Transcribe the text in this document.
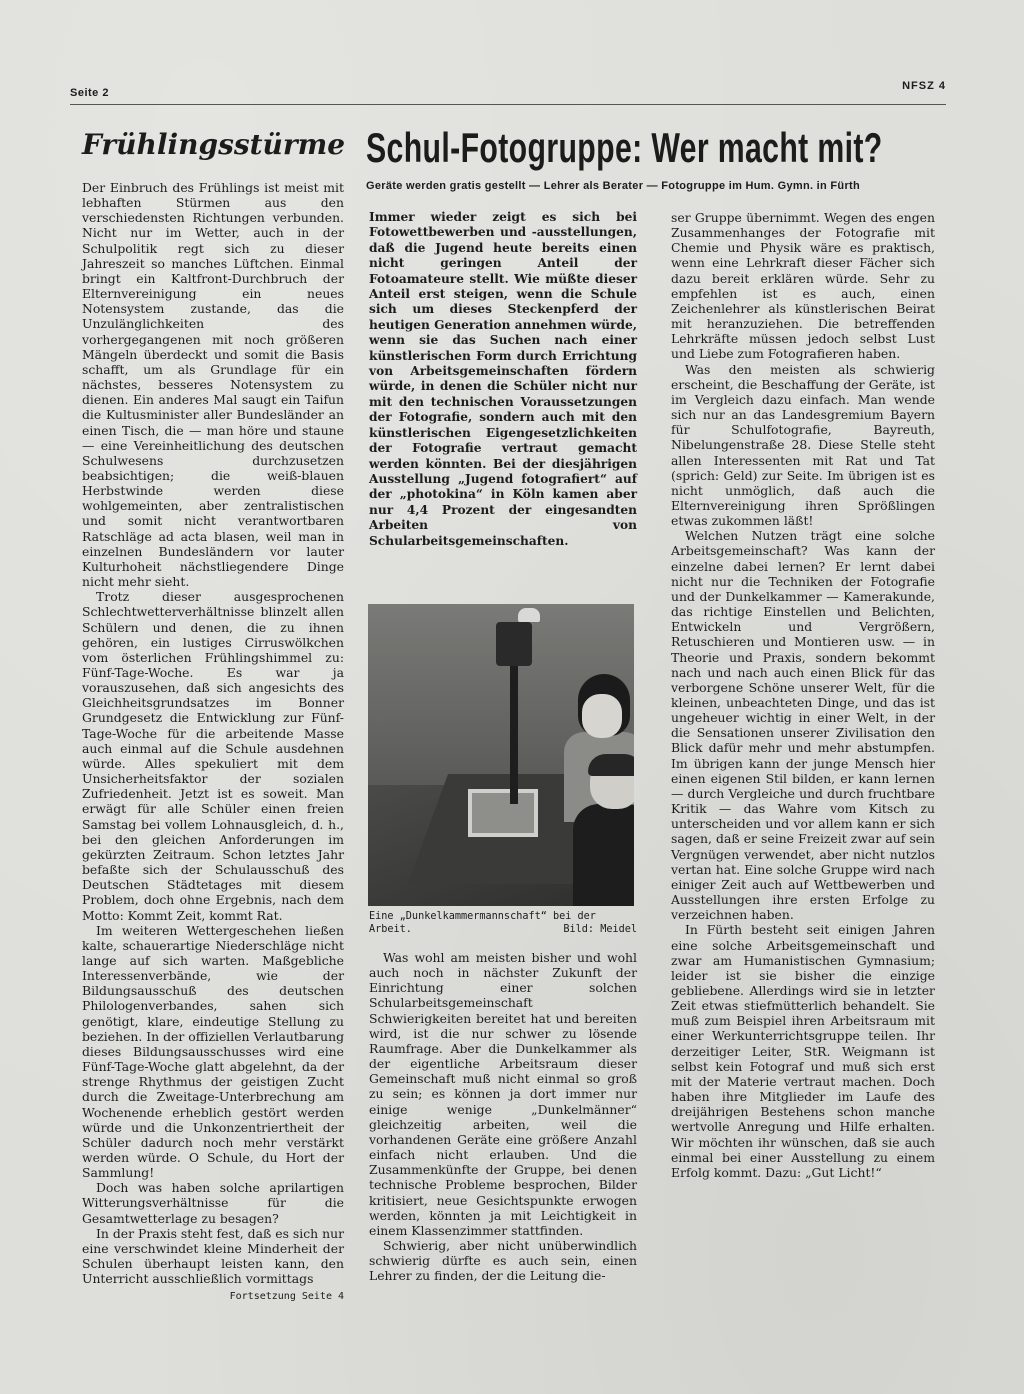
Seite 2
NFSZ 4
Frühlingsstürme

Der Einbruch des Frühlings ist meist mit lebhaften Stürmen aus den verschiedensten Richtungen verbunden. Nicht nur im Wetter, auch in der Schulpolitik regt sich zu dieser Jahreszeit so manches Lüftchen. Einmal bringt ein Kaltfront-Durchbruch der Elternvereinigung ein neues Notensystem zustande, das die Unzulänglichkeiten des vorhergegangenen mit noch größeren Mängeln überdeckt und somit die Basis schafft, um als Grundlage für ein nächstes, besseres Notensystem zu dienen. Ein anderes Mal saugt ein Taifun die Kultusminister aller Bundesländer an einen Tisch, die — man höre und staune — eine Vereinheitlichung des deutschen Schulwesens durchzusetzen beabsichtigen; die weiß-blauen Herbstwinde werden diese wohlgemeinten, aber zentralistischen und somit nicht verantwortbaren Ratschläge ad acta blasen, weil man in einzelnen Bundesländern vor lauter Kulturhoheit nächstliegendere Dinge nicht mehr sieht.

Trotz dieser ausgesprochenen Schlechtwetterverhältnisse blinzelt allen Schülern und denen, die zu ihnen gehören, ein lustiges Cirruswölkchen vom österlichen Frühlingshimmel zu: Fünf-Tage-Woche. Es war ja vorauszusehen, daß sich angesichts des Gleichheitsgrundsatzes im Bonner Grundgesetz die Entwicklung zur Fünf-Tage-Woche für die arbeitende Masse auch einmal auf die Schule ausdehnen würde. Alles spekuliert mit dem Unsicherheitsfaktor der sozialen Zufriedenheit. Jetzt ist es soweit. Man erwägt für alle Schüler einen freien Samstag bei vollem Lohnausgleich, d. h., bei den gleichen Anforderungen im gekürzten Zeitraum. Schon letztes Jahr befaßte sich der Schulausschuß des Deutschen Städtetages mit diesem Problem, doch ohne Ergebnis, nach dem Motto: Kommt Zeit, kommt Rat.

Im weiteren Wettergeschehen ließen kalte, schauerartige Niederschläge nicht lange auf sich warten. Maßgebliche Interessenverbände, wie der Bildungsausschuß des deutschen Philologenverbandes, sahen sich genötigt, klare, eindeutige Stellung zu beziehen. In der offiziellen Verlautbarung dieses Bildungsausschusses wird eine Fünf-Tage-Woche glatt abgelehnt, da der strenge Rhythmus der geistigen Zucht durch die Zweitage-Unterbrechung am Wochenende erheblich gestört werden würde und die Unkonzentriertheit der Schüler dadurch noch mehr verstärkt werden würde. O Schule, du Hort der Sammlung!

Doch was haben solche aprilartigen Witterungsverhältnisse für die Gesamtwetterlage zu besagen?

In der Praxis steht fest, daß es sich nur eine verschwindet kleine Minderheit der Schulen überhaupt leisten kann, den Unterricht ausschließlich vormittags

Fortsetzung Seite 4
Schul-Fotogruppe: Wer macht mit?
Geräte werden gratis gestellt — Lehrer als Berater — Fotogruppe im Hum. Gymn. in Fürth

Immer wieder zeigt es sich bei Fotowettbewerben und -ausstellungen, daß die Jugend heute bereits einen nicht geringen Anteil der Fotoamateure stellt. Wie müßte dieser Anteil erst steigen, wenn die Schule sich um dieses Steckenpferd der heutigen Generation annehmen würde, wenn sie das Suchen nach einer künstlerischen Form durch Errichtung von Arbeitsgemeinschaften fördern würde, in denen die Schüler nicht nur mit den technischen Voraussetzungen der Fotografie, sondern auch mit den künstlerischen Eigengesetzlichkeiten der Fotografie vertraut gemacht werden könnten. Bei der diesjährigen Ausstellung „Jugend fotografiert“ auf der „photokina“ in Köln kamen aber nur 4,4 Prozent der eingesandten Arbeiten von Schularbeitsgemeinschaften.

Eine „Dunkelkammermannschaft“ bei der Arbeit.	Bild: Meidel

Was wohl am meisten bisher und wohl auch noch in nächster Zukunft der Einrichtung einer solchen Schularbeitsgemeinschaft Schwierigkeiten bereitet hat und bereiten wird, ist die nur schwer zu lösende Raumfrage. Aber die Dunkelkammer als der eigentliche Arbeitsraum dieser Gemeinschaft muß nicht einmal so groß zu sein; es können ja dort immer nur einige wenige „Dunkelmänner“ gleichzeitig arbeiten, weil die vorhandenen Geräte eine größere Anzahl einfach nicht erlauben. Und die Zusammenkünfte der Gruppe, bei denen technische Probleme besprochen, Bilder kritisiert, neue Gesichtspunkte erwogen werden, könnten ja mit Leichtigkeit in einem Klassenzimmer stattfinden.

Schwierig, aber nicht unüberwindlich schwierig dürfte es auch sein, einen Lehrer zu finden, der die Leitung die-

ser Gruppe übernimmt. Wegen des engen Zusammenhanges der Fotografie mit Chemie und Physik wäre es praktisch, wenn eine Lehrkraft dieser Fächer sich dazu bereit erklären würde. Sehr zu empfehlen ist es auch, einen Zeichenlehrer als künstlerischen Beirat mit heranzuziehen. Die betreffenden Lehrkräfte müssen jedoch selbst Lust und Liebe zum Fotografieren haben.

Was den meisten als schwierig erscheint, die Beschaffung der Geräte, ist im Vergleich dazu einfach. Man wende sich nur an das Landesgremium Bayern für Schulfotografie, Bayreuth, Nibelungenstraße 28. Diese Stelle steht allen Interessenten mit Rat und Tat (sprich: Geld) zur Seite. Im übrigen ist es nicht unmöglich, daß auch die Elternvereinigung ihren Sprößlingen etwas zukommen läßt!

Welchen Nutzen trägt eine solche Arbeitsgemeinschaft? Was kann der einzelne dabei lernen? Er lernt dabei nicht nur die Techniken der Fotografie und der Dunkelkammer — Kamerakunde, das richtige Einstellen und Belichten, Entwickeln und Vergrößern, Retuschieren und Montieren usw. — in Theorie und Praxis, sondern bekommt nach und nach auch einen Blick für das verborgene Schöne unserer Welt, für die kleinen, unbeachteten Dinge, und das ist ungeheuer wichtig in einer Welt, in der die Sensationen unserer Zivilisation den Blick dafür mehr und mehr abstumpfen. Im übrigen kann der junge Mensch hier einen eigenen Stil bilden, er kann lernen — durch Vergleiche und durch fruchtbare Kritik — das Wahre vom Kitsch zu unterscheiden und vor allem kann er sich sagen, daß er seine Freizeit zwar auf sein Vergnügen verwendet, aber nicht nutzlos vertan hat. Eine solche Gruppe wird nach einiger Zeit auch auf Wettbewerben und Ausstellungen ihre ersten Erfolge zu verzeichnen haben.

In Fürth besteht seit einigen Jahren eine solche Arbeitsgemeinschaft und zwar am Humanistischen Gymnasium; leider ist sie bisher die einzige gebliebene. Allerdings wird sie in letzter Zeit etwas stiefmütterlich behandelt. Sie muß zum Beispiel ihren Arbeitsraum mit einer Werkunterrichtsgruppe teilen. Ihr derzeitiger Leiter, StR. Weigmann ist selbst kein Fotograf und muß sich erst mit der Materie vertraut machen. Doch haben ihre Mitglieder im Laufe des dreijährigen Bestehens schon manche wertvolle Anregung und Hilfe erhalten. Wir möchten ihr wünschen, daß sie auch einmal bei einer Ausstellung zu einem Erfolg kommt. Dazu: „Gut Licht!“
